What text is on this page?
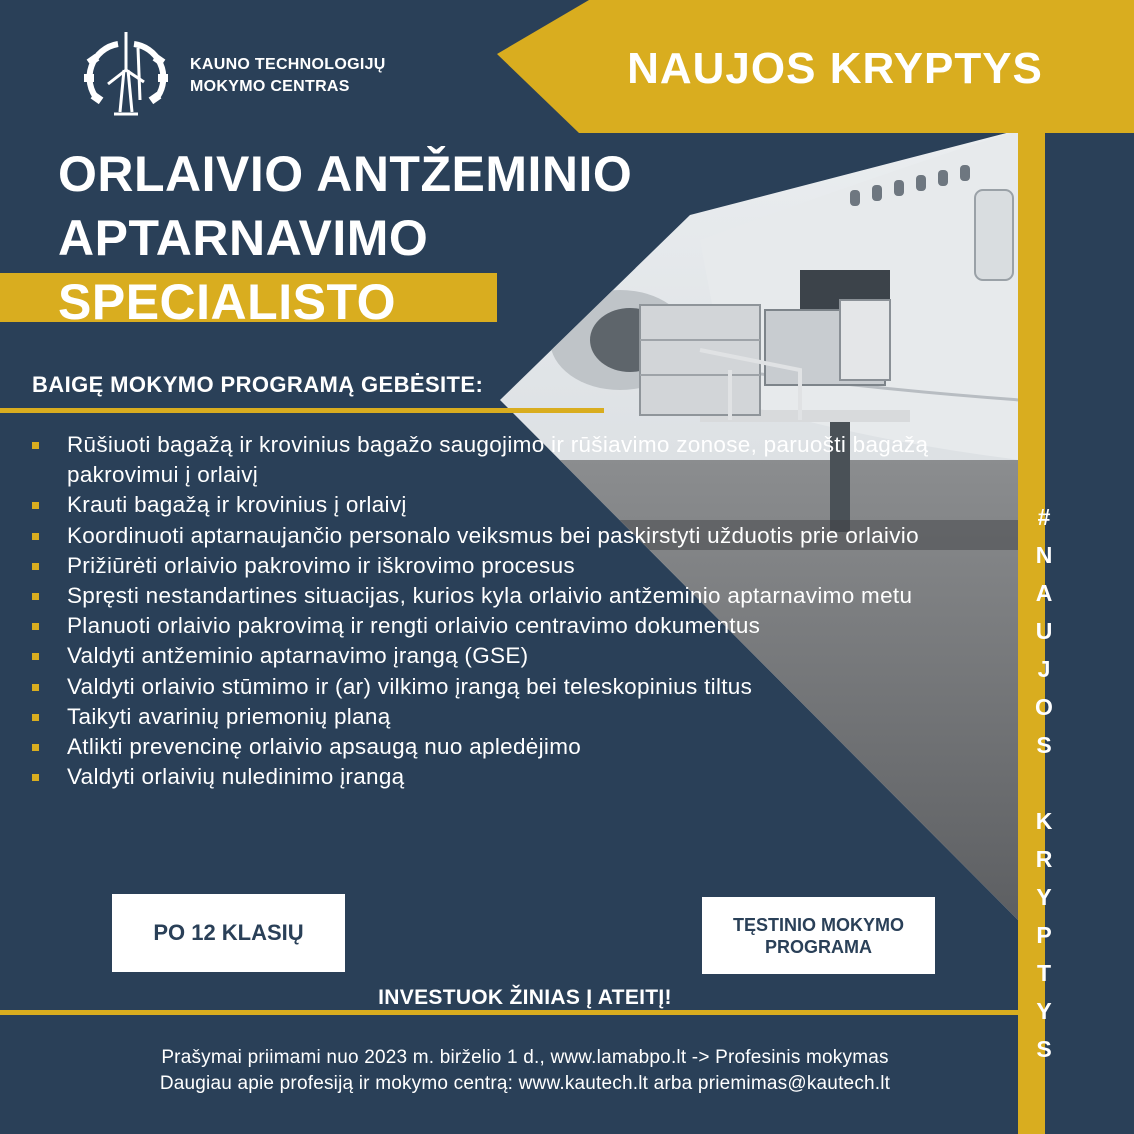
#
N
A
U
J
O
S
K
R
Y
P
T
Y
S
NAUJOS KRYPTYS
KAUNO TECHNOLOGIJŲ
MOKYMO CENTRAS
ORLAIVIO ANTŽEMINIO
APTARNAVIMO
SPECIALISTO
BAIGĘ MOKYMO PROGRAMĄ GEBĖSITE:
Rūšiuoti bagažą ir krovinius bagažo saugojimo ir rūšiavimo zonose, paruošti bagažą pakrovimui į orlaivį
Krauti bagažą ir krovinius į orlaivį
Koordinuoti aptarnaujančio personalo veiksmus bei paskirstyti užduotis prie orlaivio
Prižiūrėti orlaivio pakrovimo ir iškrovimo procesus
Spręsti nestandartines situacijas, kurios kyla orlaivio antžeminio aptarnavimo metu
Planuoti orlaivio pakrovimą ir rengti orlaivio centravimo dokumentus
Valdyti antžeminio aptarnavimo įrangą (GSE)
Valdyti orlaivio stūmimo ir (ar) vilkimo įrangą bei teleskopinius tiltus
Taikyti avarinių priemonių planą
Atlikti prevencinę orlaivio apsaugą nuo apledėjimo
Valdyti orlaivių nuledinimo įrangą
PO 12 KLASIŲ	TĘSTINIO MOKYMO
PROGRAMA
INVESTUOK ŽINIAS Į ATEITĮ!
Prašymai priimami nuo 2023 m. birželio 1 d., www.lamabpo.lt -> Profesinis mokymas
Daugiau apie profesiją ir mokymo centrą: www.kautech.lt arba priemimas@kautech.lt
